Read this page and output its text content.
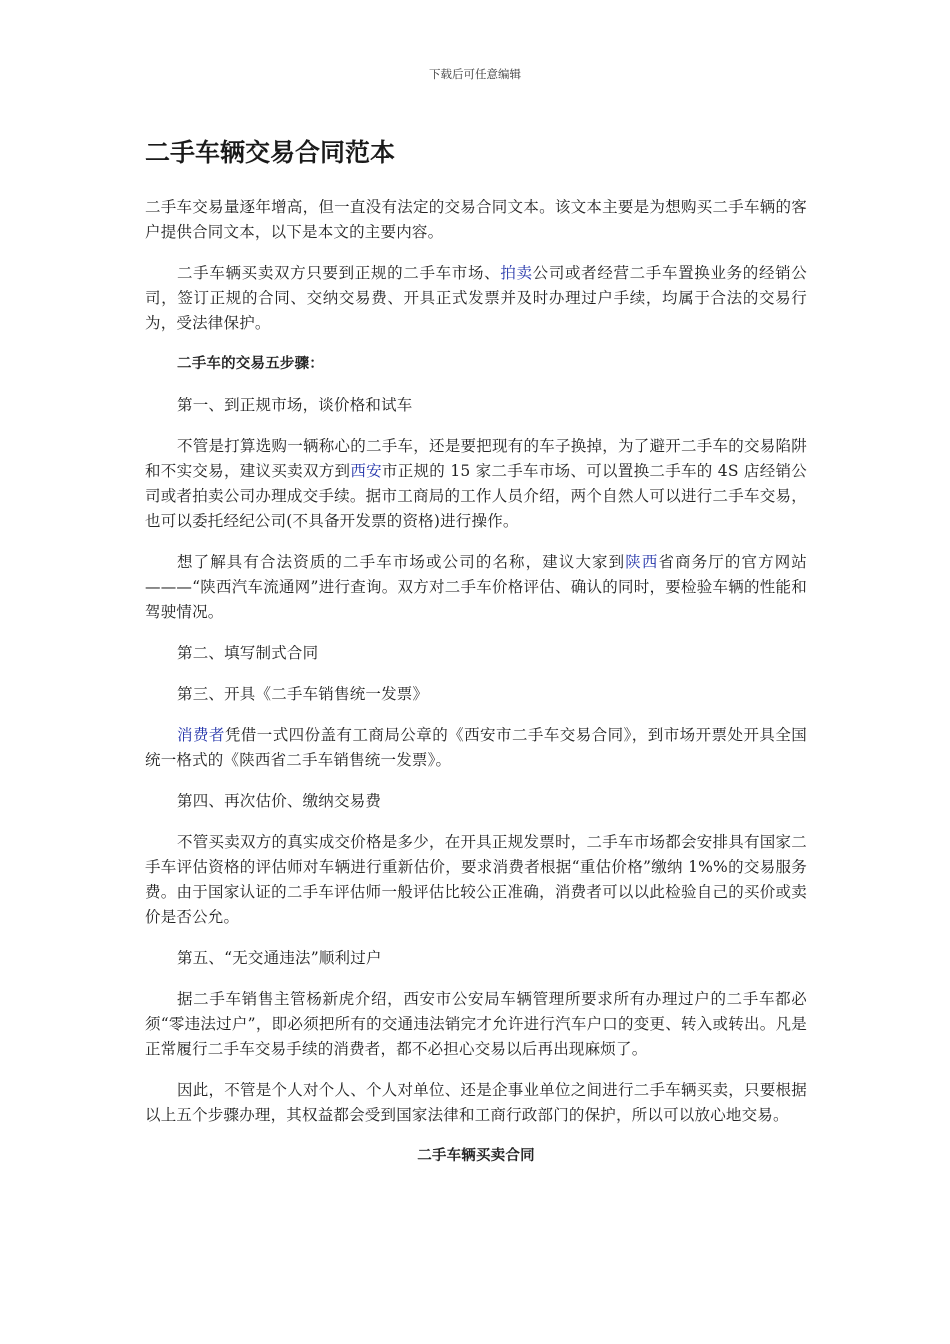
下载后可任意编辑
二手车辆交易合同范本

二手车交易量逐年增高，但一直没有法定的交易合同文本。该文本主要是为想购买二手车辆的客户提供合同文本，以下是本文的主要内容。

二手车辆买卖双方只要到正规的二手车市场、拍卖公司或者经营二手车置换业务的经销公司，签订正规的合同、交纳交易费、开具正式发票并及时办理过户手续，均属于合法的交易行为，受法律保护。

二手车的交易五步骤：

第一、到正规市场，谈价格和试车

不管是打算选购一辆称心的二手车，还是要把现有的车子换掉，为了避开二手车的交易陷阱和不实交易，建议买卖双方到西安市正规的 15 家二手车市场、可以置换二手车的 4S 店经销公司或者拍卖公司办理成交手续。据市工商局的工作人员介绍，两个自然人可以进行二手车交易，也可以委托经纪公司(不具备开发票的资格)进行操作。

想了解具有合法资质的二手车市场或公司的名称，建议大家到陕西省商务厅的官方网站———“陕西汽车流通网”进行查询。双方对二手车价格评估、确认的同时，要检验车辆的性能和驾驶情况。

第二、填写制式合同

第三、开具《二手车销售统一发票》

消费者凭借一式四份盖有工商局公章的《西安市二手车交易合同》，到市场开票处开具全国统一格式的《陕西省二手车销售统一发票》。

第四、再次估价、缴纳交易费

不管买卖双方的真实成交价格是多少，在开具正规发票时，二手车市场都会安排具有国家二手车评估资格的评估师对车辆进行重新估价，要求消费者根据“重估价格”缴纳 1%%的交易服务费。由于国家认证的二手车评估师一般评估比较公正准确，消费者可以以此检验自己的买价或卖价是否公允。

第五、“无交通违法”顺利过户

据二手车销售主管杨新虎介绍，西安市公安局车辆管理所要求所有办理过户的二手车都必须“零违法过户”，即必须把所有的交通违法销完才允许进行汽车户口的变更、转入或转出。凡是正常履行二手车交易手续的消费者，都不必担心交易以后再出现麻烦了。

因此，不管是个人对个人、个人对单位、还是企事业单位之间进行二手车辆买卖，只要根据以上五个步骤办理，其权益都会受到国家法律和工商行政部门的保护，所以可以放心地交易。

二手车辆买卖合同
